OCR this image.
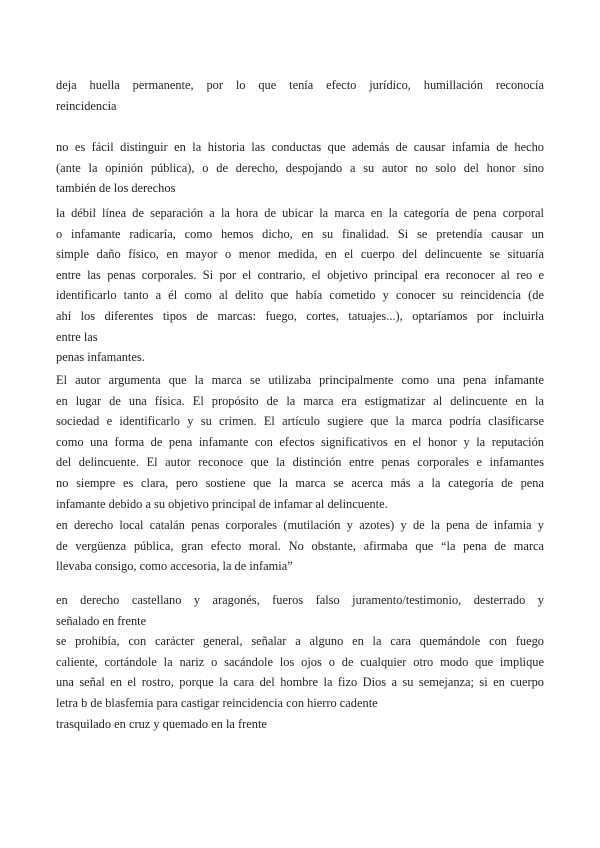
deja huella permanente, por lo que tenía efecto jurídico, humillación reconocía
reincidencia
no es fácil distinguir en la historia las conductas que además de causar infamia de hecho
(ante la opinión pública), o de derecho, despojando a su autor no solo del honor sino
también de los derechos
la débil línea de separación a la hora de ubicar la marca en la categoría de pena corporal
o infamante radicaría, como hemos dicho, en su finalidad. Si se pretendía causar un
simple daño físico, en mayor o menor medida, en el cuerpo del delincuente se situaría
entre las penas corporales. Si por el contrario, el objetivo principal era reconocer al reo e
identificarlo tanto a él como al delito que había cometido y conocer su reincidencia (de
ahí los diferentes tipos de marcas: fuego, cortes, tatuajes...), optaríamos por incluirla
entre las
penas infamantes.
El autor argumenta que la marca se utilizaba principalmente como una pena infamante
en lugar de una física. El propósito de la marca era estigmatizar al delincuente en la
sociedad e identificarlo y su crimen. El artículo sugiere que la marca podría clasificarse
como una forma de pena infamante con efectos significativos en el honor y la reputación
del delincuente. El autor reconoce que la distinción entre penas corporales e infamantes
no siempre es clara, pero sostiene que la marca se acerca más a la categoría de pena
infamante debido a su objetivo principal de infamar al delincuente.
en derecho local catalán penas corporales (mutilación y azotes) y de la pena de infamia y
de vergüenza pública, gran efecto moral. No obstante, afirmaba que “la pena de marca
llevaba consigo, como accesoria, la de infamia”
en derecho castellano y aragonés, fueros falso juramento/testimonio, desterrado y
señalado en frente
se prohibía, con carácter general, señalar a alguno en la cara quemándole con fuego
caliente, cortándole la nariz o sacándole los ojos o de cualquier otro modo que implique
una señal en el rostro, porque la cara del hombre la fizo Dios a su semejanza; si en cuerpo
letra b de blasfemia para castigar reincidencia con hierro cadente
trasquilado en cruz y quemado en la frente
